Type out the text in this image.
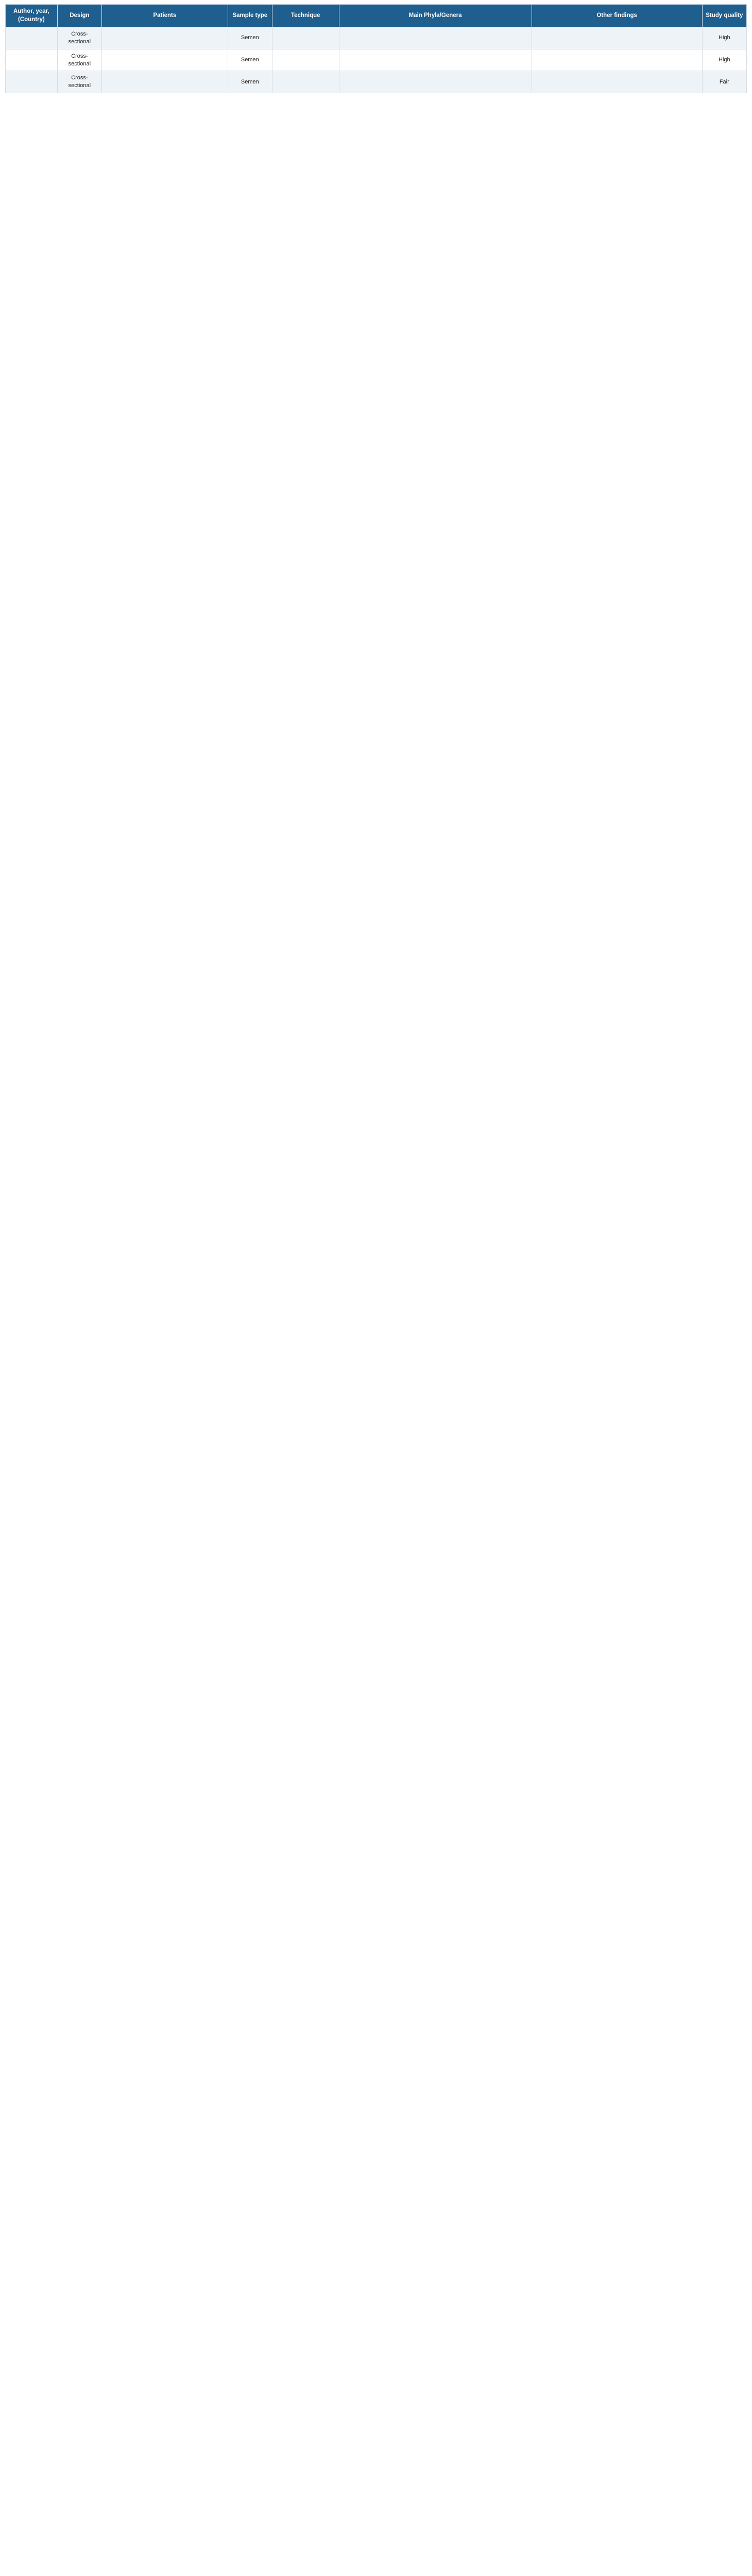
Author, year, (Country)	Design	Patients	Sample type	Technique	Main Phyla/Genera	Other findings	Study quality
	Cross-sectional		Semen				High
	Cross-sectional		Semen				High
	Cross-sectional		Semen				Fair
